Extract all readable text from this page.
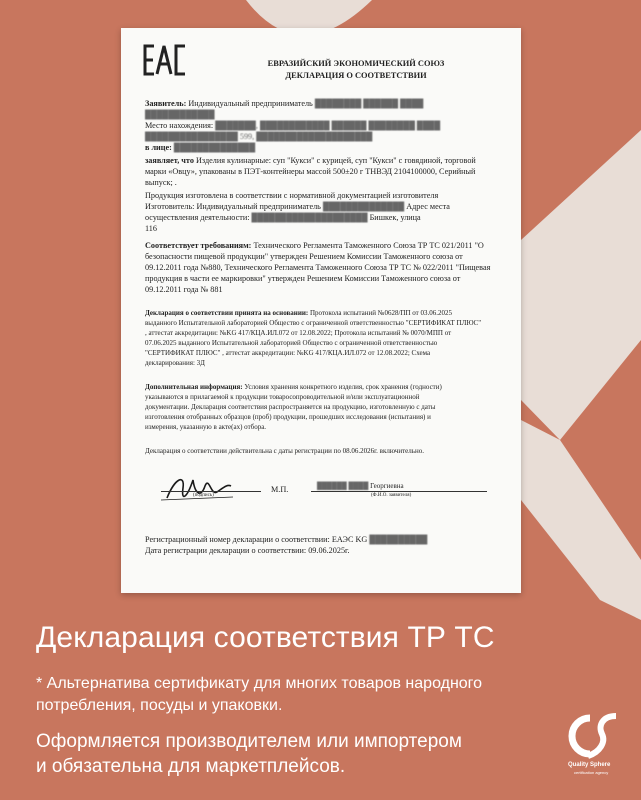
ЕВРАЗИЙСКИЙ ЭКОНОМИЧЕСКИЙ СОЮЗ
ДЕКЛАРАЦИЯ О СООТВЕТСТВИИ
Заявитель: Индивидуальный предприниматель ████████ ██████ ████
████████████
Место нахождения: ███████, ████████████ ██████ ████████ ████
████████████████ 599, ████████████████████
в лице: ██████████████
заявляет, что Изделия кулинарные: суп "Кукси" с курицей, суп "Кукси" с говядиной, торговой
марки «Овцу», упакованы в ПЭТ-контейнеры массой 500±20 г ТНВЭД 2104100000, Серийный
выпуск; .
Продукция изготовлена в соответствии с нормативной документацией изготовителя
Изготовитель: Индивидуальный предприниматель ██████████████ Адрес места
осуществления деятельности: ████████████████████ Бишкек, улица
116
Соответствует требованиям: Технического Регламента Таможенного Союза ТР ТС 021/2011 "О
безопасности пищевой продукции" утвержден Решением Комиссии Таможенного союза от
09.12.2011 года №880, Технического Регламента Таможенного Союза ТР ТС № 022/2011 "Пищевая
продукция в части ее маркировки" утвержден Решением Комиссии Таможенного союза от
09.12.2011 года № 881
Декларация о соответствии принята на основании: Протокола испытаний №0628/ПП от 03.06.2025
выданного Испытательной лабораторией Общество с ограниченной ответственностью "СЕРТИФИКАТ ПЛЮС"
, аттестат аккредитации: №KG 417/КЦА.ИЛ.072 от 12.08.2022; Протокола испытаний № 0070/МПП от
07.06.2025 выданного Испытательной лабораторией Общество с ограниченной ответственностью
"СЕРТИФИКАТ ПЛЮС" , аттестат аккредитации: №KG 417/КЦА.ИЛ.072 от 12.08.2022; Схема
декларирования: 3Д
Дополнительная информация: Условия хранения конкретного изделия, срок хранения (годности)
указываются в прилагаемой к продукции товаросопроводительной и/или эксплуатационной
документации. Декларация соответствия распространяется на продукцию, изготовленную с даты
изготовления отобранных образцов (проб) продукции, прошедших исследования (испытания) и
измерения, указанную в акте(ах) отбора.
Декларация о соответствии действительна с даты регистрации по 08.06.2026г. включительно.
(подпись)
М.П.	██████ ████ Георгиевна
(Ф.И.О. заявителя)
Регистрационный номер декларации о соответствии: ЕАЭС KG ██████████
Дата регистрации декларации о соответствии: 09.06.2025г.
Декларация соответствия ТР ТС
* Альтернатива сертификату для многих товаров народного
потребления, посуды и упаковки.
Оформляется производителем или импортером
и обязательна для маркетплейсов.	Quality Sphere
certification agency
